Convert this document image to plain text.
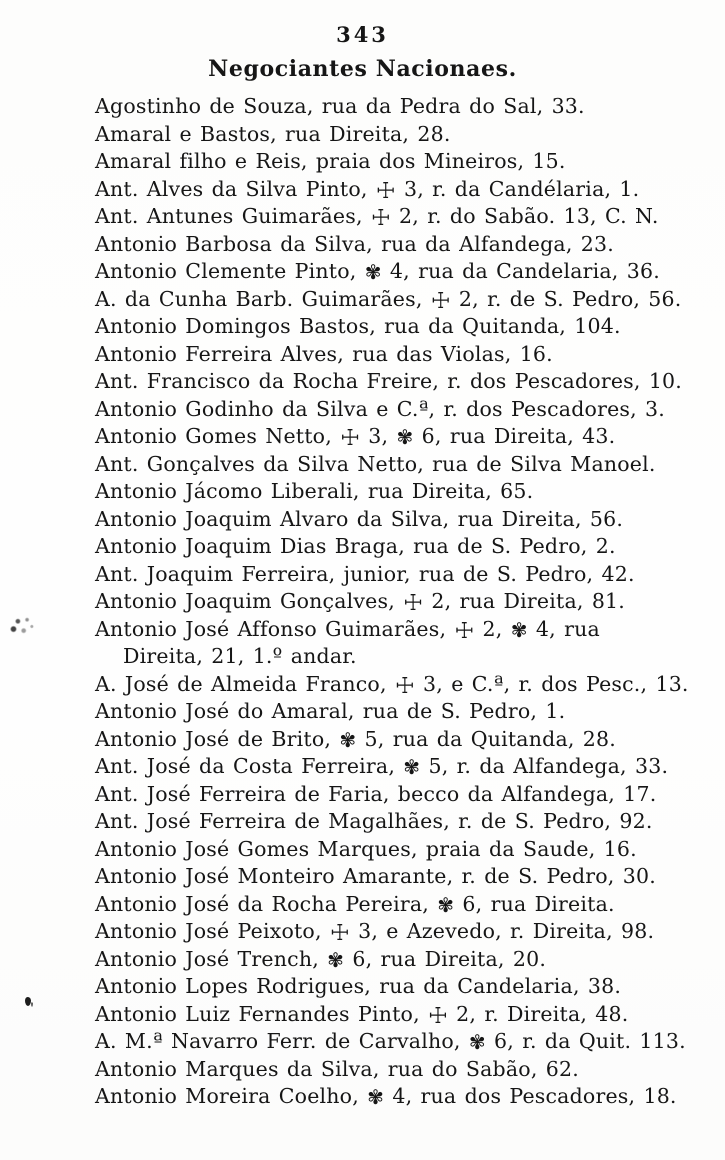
343
Negociantes Nacionaes.

Agostinho de Souza, rua da Pedra do Sal, 33.

Amaral e Bastos, rua Direita, 28.

Amaral filho e Reis, praia dos Mineiros, 15.

Ant. Alves da Silva Pinto, ☩ 3, r. da Candélaria, 1.

Ant. Antunes Guimarães, ☩ 2, r. do Sabão. 13, C. N.

Antonio Barbosa da Silva, rua da Alfandega, 23.

Antonio Clemente Pinto, ✾ 4, rua da Candelaria, 36.

A. da Cunha Barb. Guimarães, ☩ 2, r. de S. Pedro, 56.

Antonio Domingos Bastos, rua da Quitanda, 104.

Antonio Ferreira Alves, rua das Violas, 16.

Ant. Francisco da Rocha Freire, r. dos Pescadores, 10.

Antonio Godinho da Silva e C.ª, r. dos Pescadores, 3.

Antonio Gomes Netto, ☩ 3, ✾ 6, rua Direita, 43.

Ant. Gonçalves da Silva Netto, rua de Silva Manoel.

Antonio Jácomo Liberali, rua Direita, 65.

Antonio Joaquim Alvaro da Silva, rua Direita, 56.

Antonio Joaquim Dias Braga, rua de S. Pedro, 2.

Ant. Joaquim Ferreira, junior, rua de S. Pedro, 42.

Antonio Joaquim Gonçalves, ☩ 2, rua Direita, 81.

Antonio José Affonso Guimarães, ☩ 2, ✾ 4, rua
Direita, 21, 1.º andar.

A. José de Almeida Franco, ☩ 3, e C.ª, r. dos Pesc., 13.

Antonio José do Amaral, rua de S. Pedro, 1.

Antonio José de Brito, ✾ 5, rua da Quitanda, 28.

Ant. José da Costa Ferreira, ✾ 5, r. da Alfandega, 33.

Ant. José Ferreira de Faria, becco da Alfandega, 17.

Ant. José Ferreira de Magalhães, r. de S. Pedro, 92.

Antonio José Gomes Marques, praia da Saude, 16.

Antonio José Monteiro Amarante, r. de S. Pedro, 30.

Antonio José da Rocha Pereira, ✾ 6, rua Direita.

Antonio José Peixoto, ☩ 3, e Azevedo, r. Direita, 98.

Antonio José Trench, ✾ 6, rua Direita, 20.

Antonio Lopes Rodrigues, rua da Candelaria, 38.

Antonio Luiz Fernandes Pinto, ☩ 2, r. Direita, 48.

A. M.ª Navarro Ferr. de Carvalho, ✾ 6, r. da Quit. 113.

Antonio Marques da Silva, rua do Sabão, 62.

Antonio Moreira Coelho, ✾ 4, rua dos Pescadores, 18.
